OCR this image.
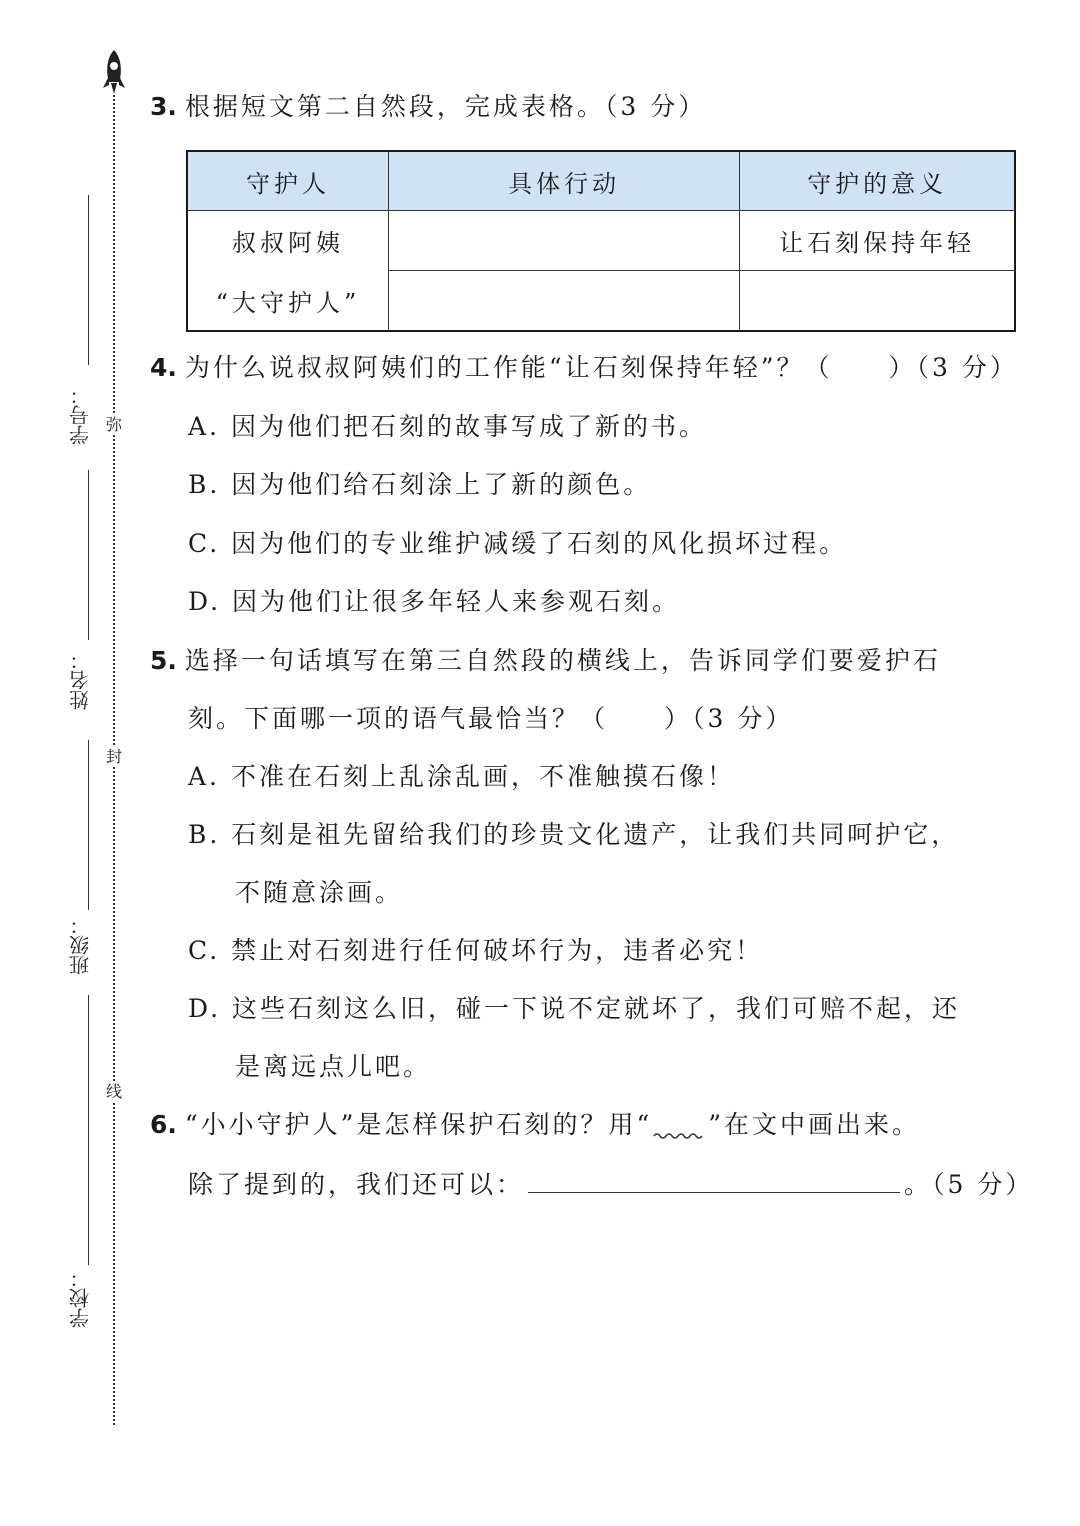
弥
封
线
学号：
姓名：
班级：
学校：
3. 根据短文第二自然段，完成表格。（3 分）
守护人	具体行动	守护的意义
叔叔阿姨		让石刻保持年轻
“大守护人”		
4. 为什么说叔叔阿姨们的工作能“让石刻保持年轻”？（　　）（3 分）
A. 因为他们把石刻的故事写成了新的书。
B. 因为他们给石刻涂上了新的颜色。
C. 因为他们的专业维护减缓了石刻的风化损坏过程。
D. 因为他们让很多年轻人来参观石刻。
5. 选择一句话填写在第三自然段的横线上，告诉同学们要爱护石
刻。下面哪一项的语气最恰当？（　　）（3 分）
A. 不准在石刻上乱涂乱画，不准触摸石像！
B. 石刻是祖先留给我们的珍贵文化遗产，让我们共同呵护它，
不随意涂画。
C. 禁止对石刻进行任何破坏行为，违者必究！
D. 这些石刻这么旧，碰一下说不定就坏了，我们可赔不起，还
是离远点儿吧。
6. “小小守护人”是怎样保护石刻的？用“ ”在文中画出来。
除了提到的，我们还可以：	。（5 分）
